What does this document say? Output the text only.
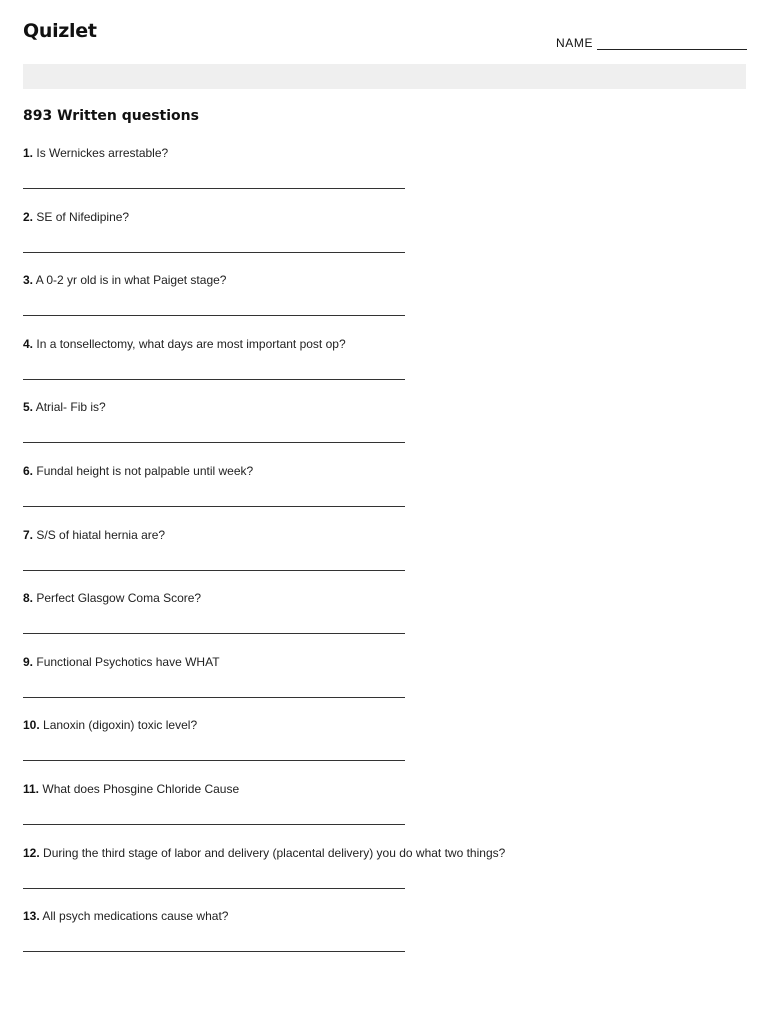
Quizlet
NAME
893 Written questions
1. Is Wernickes arrestable?
2. SE of Nifedipine?
3. A 0-2 yr old is in what Paiget stage?
4. In a tonsellectomy, what days are most important post op?
5. Atrial- Fib is?
6. Fundal height is not palpable until week?
7. S/S of hiatal hernia are?
8. Perfect Glasgow Coma Score?
9. Functional Psychotics have WHAT
10. Lanoxin (digoxin) toxic level?
11. What does Phosgine Chloride Cause
12. During the third stage of labor and delivery (placental delivery) you do what two things?
13. All psych medications cause what?
